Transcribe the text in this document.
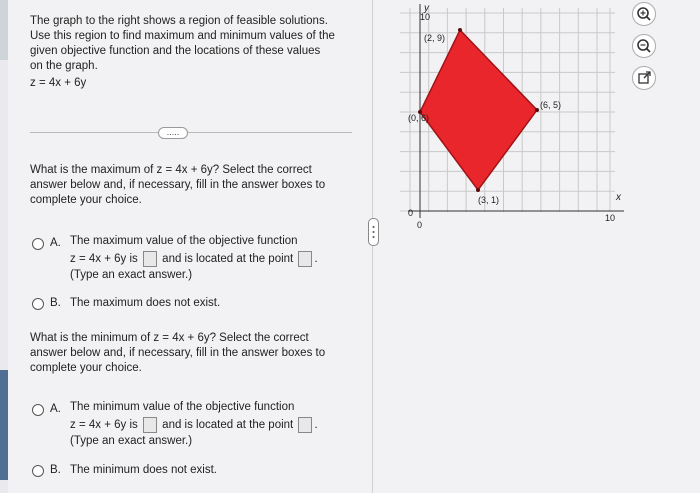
The graph to the right shows a region of feasible solutions.
Use this region to find maximum and minimum values of the
given objective function and the locations of these values
on the graph.
z = 4x + 6y
.....
What is the maximum of z = 4x + 6y? Select the correct
answer below and, if necessary, fill in the answer boxes to
complete your choice.
A. The maximum value of the objective function
z = 4x + 6y is and is located at the point .
(Type an exact answer.)
B. The maximum does not exist.
What is the minimum of z = 4x + 6y? Select the correct
answer below and, if necessary, fill in the answer boxes to
complete your choice.
A. The minimum value of the objective function
z = 4x + 6y is and is located at the point .
(Type an exact answer.)
B. The minimum does not exist.
10
y
(2, 9)
(6, 5)
(3, 1)
(0, 6)
0
0
10
x
